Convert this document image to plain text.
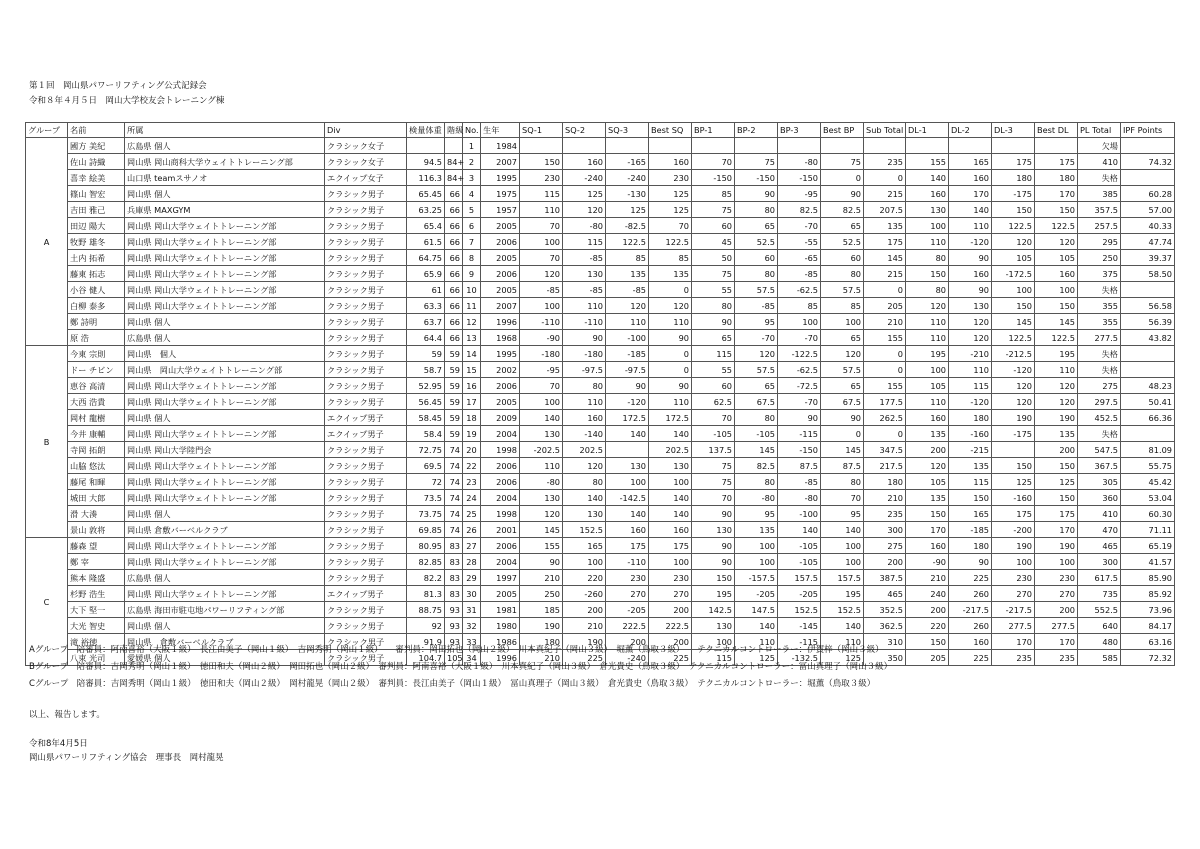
第１回　岡山県パワーリフティング公式記録会
令和８年４月５日　岡山大学校友会トレーニング棟
グループ	名前	所属	Div	検量体重	階級	No.	生年	SQ-1	SQ-2	SQ-3	Best SQ	BP-1	BP-2	BP-3	Best BP	Sub Total	DL-1	DL-2	DL-3	Best DL	PL Total	IPF Points
A	國方 美紀	広島県 個人	クラシック女子			1	1984														欠場	
	佐山 詩織	岡山県 岡山商科大学ウェイトトレーニング部	クラシック女子	94.5	84+	2	2007	150	160	-165	160	70	75	-80	75	235	155	165	175	175	410	74.32
	喜幸 絵美	山口県 teamスサノオ	エクイップ女子	116.3	84+	3	1995	230	-240	-240	230	-150	-150	-150	0	0	140	160	180	180	失格	
	篠山 智宏	岡山県 個人	クラシック男子	65.45	66	4	1975	115	125	-130	125	85	90	-95	90	215	160	170	-175	170	385	60.28
	吉田 雅己	兵庫県 MAXGYM	クラシック男子	63.25	66	5	1957	110	120	125	125	75	80	82.5	82.5	207.5	130	140	150	150	357.5	57.00
	田辺 陽大	岡山県 岡山大学ウェイトトレーニング部	クラシック男子	65.4	66	6	2005	70	-80	-82.5	70	60	65	-70	65	135	100	110	122.5	122.5	257.5	40.33
	牧野 雄冬	岡山県 岡山大学ウェイトトレーニング部	クラシック男子	61.5	66	7	2006	100	115	122.5	122.5	45	52.5	-55	52.5	175	110	-120	120	120	295	47.74
	土内 拓希	岡山県 岡山大学ウェイトトレーニング部	クラシック男子	64.75	66	8	2005	70	-85	85	85	50	60	-65	60	145	80	90	105	105	250	39.37
	藤東 拓志	岡山県 岡山大学ウェイトトレーニング部	クラシック男子	65.9	66	9	2006	120	130	135	135	75	80	-85	80	215	150	160	-172.5	160	375	58.50
	小谷 健人	岡山県 岡山大学ウェイトトレーニング部	クラシック男子	61	66	10	2005	-85	-85	-85	0	55	57.5	-62.5	57.5	0	80	90	100	100	失格	
	白柳 泰多	岡山県 岡山大学ウェイトトレーニング部	クラシック男子	63.3	66	11	2007	100	110	120	120	80	-85	85	85	205	120	130	150	150	355	56.58
	鄭 詩明	岡山県 個人	クラシック男子	63.7	66	12	1996	-110	-110	110	110	90	95	100	100	210	110	120	145	145	355	56.39
	原 浩	広島県 個人	クラシック男子	64.4	66	13	1968	-90	90	-100	90	65	-70	-70	65	155	110	120	122.5	122.5	277.5	43.82
B	今東 宗則	岡山県　個人	クラシック男子	59	59	14	1995	-180	-180	-185	0	115	120	-122.5	120	0	195	-210	-212.5	195	失格	
	ドー チビン	岡山県　岡山大学ウェイトトレーニング部	クラシック男子	58.7	59	15	2002	-95	-97.5	-97.5	0	55	57.5	-62.5	57.5	0	100	110	-120	110	失格	
	恵谷 高清	岡山県 岡山大学ウェイトトレーニング部	クラシック男子	52.95	59	16	2006	70	80	90	90	60	65	-72.5	65	155	105	115	120	120	275	48.23
	大西 浩貴	岡山県 岡山大学ウェイトトレーニング部	クラシック男子	56.45	59	17	2005	100	110	-120	110	62.5	67.5	-70	67.5	177.5	110	-120	120	120	297.5	50.41
	岡村 龍樹	岡山県 個人	エクイップ男子	58.45	59	18	2009	140	160	172.5	172.5	70	80	90	90	262.5	160	180	190	190	452.5	66.36
	今井 康輔	岡山県 岡山大学ウェイトトレーニング部	エクイップ男子	58.4	59	19	2004	130	-140	140	140	-105	-105	-115	0	0	135	-160	-175	135	失格	
	寺岡 拓朗	岡山県 岡山大学陸門会	クラシック男子	72.75	74	20	1998	-202.5	202.5		202.5	137.5	145	-150	145	347.5	200	-215		200	547.5	81.09
	山脇 悠汰	岡山県 岡山大学ウェイトトレーニング部	クラシック男子	69.5	74	22	2006	110	120	130	130	75	82.5	87.5	87.5	217.5	120	135	150	150	367.5	55.75
	藤尾 和暉	岡山県 岡山大学ウェイトトレーニング部	クラシック男子	72	74	23	2006	-80	80	100	100	75	80	-85	80	180	105	115	125	125	305	45.42
	城田 大郎	岡山県 岡山大学ウェイトトレーニング部	クラシック男子	73.5	74	24	2004	130	140	-142.5	140	70	-80	-80	70	210	135	150	-160	150	360	53.04
	滑 大湊	岡山県 個人	クラシック男子	73.75	74	25	1998	120	130	140	140	90	95	-100	95	235	150	165	175	175	410	60.30
	景山 敦将	岡山県 倉敷バーベルクラブ	クラシック男子	69.85	74	26	2001	145	152.5	160	160	130	135	140	140	300	170	-185	-200	170	470	71.11
C	藤森 望	岡山県 岡山大学ウェイトトレーニング部	クラシック男子	80.95	83	27	2006	155	165	175	175	90	100	-105	100	275	160	180	190	190	465	65.19
	鄭 宰	岡山県 岡山大学ウェイトトレーニング部	クラシック男子	82.85	83	28	2004	90	100	-110	100	90	100	-105	100	200	-90	90	100	100	300	41.57
	熊本 隆盛	広島県 個人	クラシック男子	82.2	83	29	1997	210	220	230	230	150	-157.5	157.5	157.5	387.5	210	225	230	230	617.5	85.90
	杉野 浩生	岡山県 岡山大学ウェイトトレーニング部	エクイップ男子	81.3	83	30	2005	250	-260	270	270	195	-205	-205	195	465	240	260	270	270	735	85.92
	大下 堅一	広島県 海田市駐屯地パワーリフティング部	クラシック男子	88.75	93	31	1981	185	200	-205	200	142.5	147.5	152.5	152.5	352.5	200	-217.5	-217.5	200	552.5	73.96
	大光 智史	岡山県 個人	クラシック男子	92	93	32	1980	190	210	222.5	222.5	130	140	-145	140	362.5	220	260	277.5	277.5	640	84.17
	滝 裕徳	岡山県　倉敷バーベルクラブ	クラシック男子	91.9	93	33	1986	180	190	200	200	100	110	-115	110	310	150	160	170	170	480	63.16
	八束 光司	愛媛県 個人	クラシック男子	104.7	105	34	1996	210	225	-240	225	115	125	-132.5	125	350	205	225	235	235	585	72.32
Aグループ　陪審員：阿南喜裕（大阪１級）　長江由美子（岡山１級）　吉岡秀明（岡山１級）　　審判員：岡田拓也（岡山２級）　川本真紀子（岡山３級）　堀薫（鳥取３級）　　テクニカルコントローラー：伊賀梓（岡山３級）
Bグループ　陪審員：吉岡秀明（岡山１級）　徳田和夫（岡山２級）　岡田拓也（岡山２級）　審判員：阿南喜裕（大阪１級）　川本真紀子（岡山３級）　倉光貴史（鳥取３級）　テクニカルコントローラー：冨山真理子（岡山３級）
Cグループ　陪審員：吉岡秀明（岡山１級）　徳田和夫（岡山２級）　岡村龍晃（岡山２級）　審判員：長江由美子（岡山１級）　冨山真理子（岡山３級）　倉光貴史（鳥取３級）　テクニカルコントローラー：堀薫（鳥取３級）
以上、報告します。
令和8年4月5日
岡山県パワーリフティング協会　理事長　岡村龍晃
